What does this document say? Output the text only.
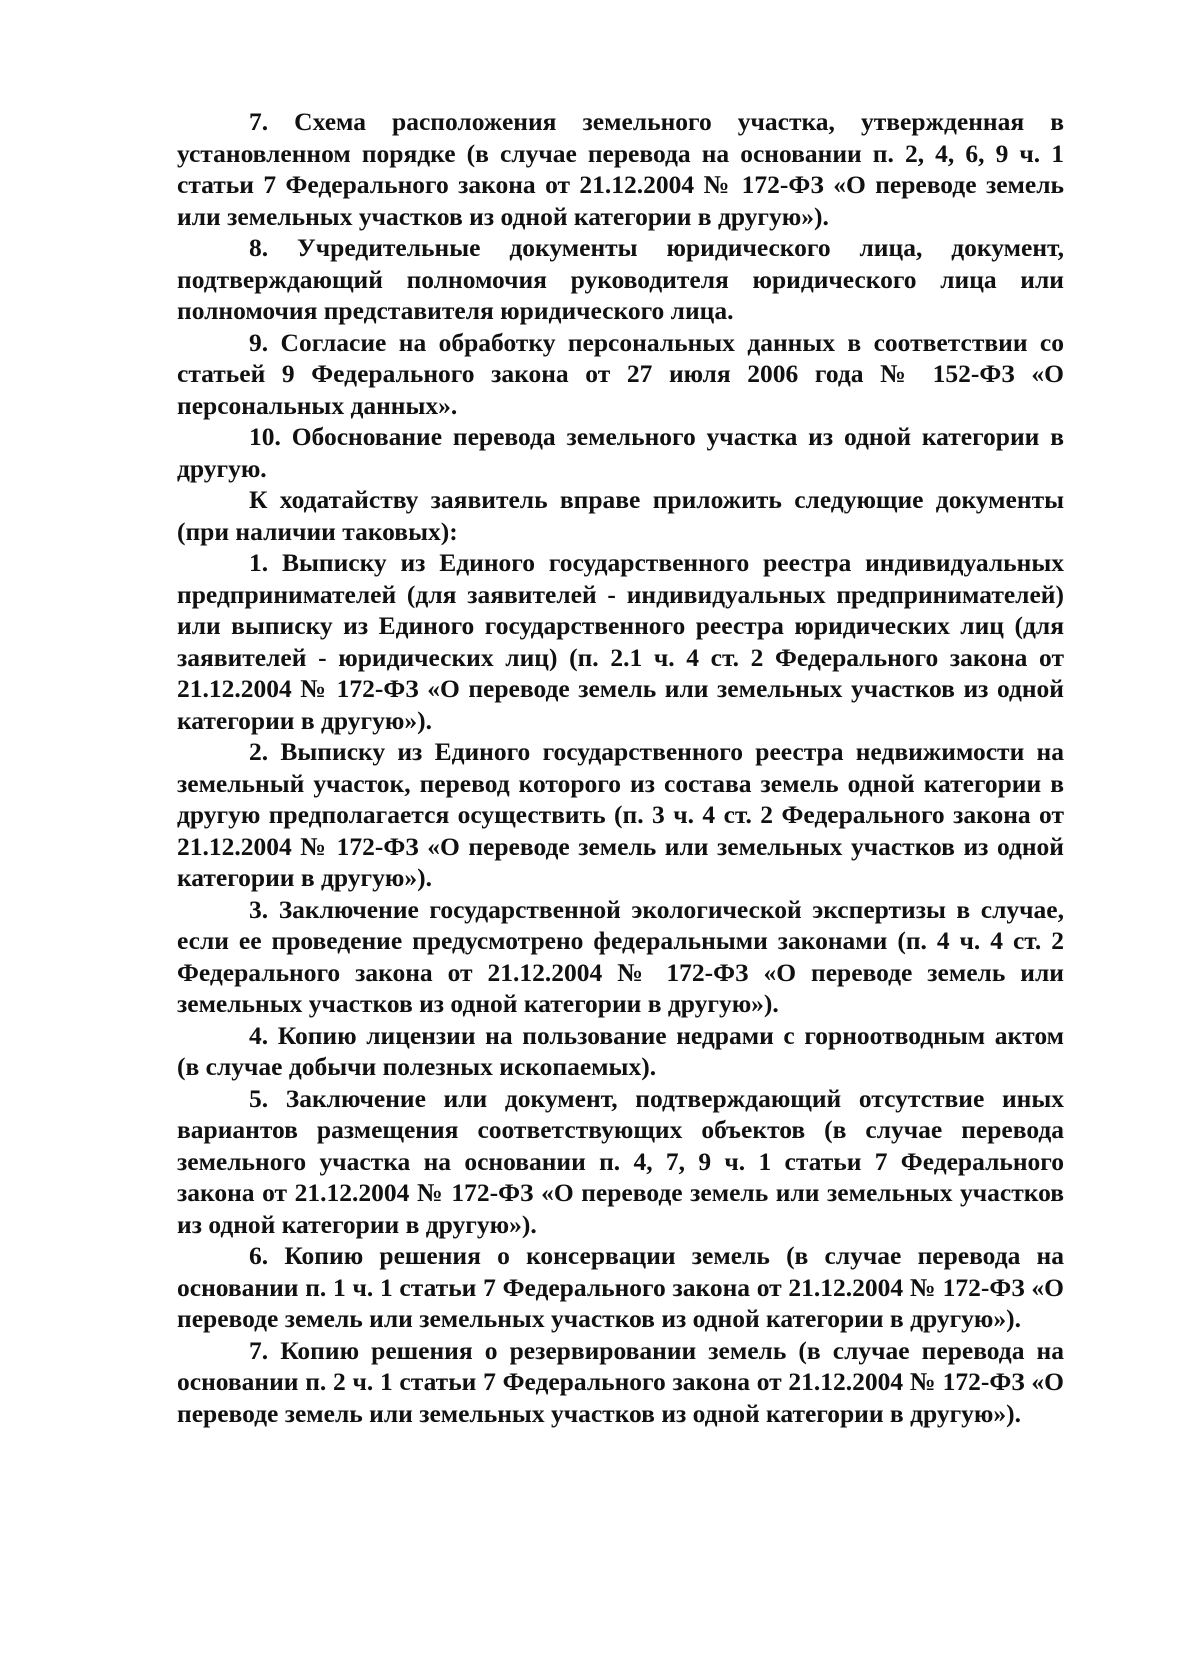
7. Схема расположения земельного участка, утвержденная в установленном порядке (в случае перевода на основании п. 2, 4, 6, 9 ч. 1 статьи 7 Федерального закона от 21.12.2004 № 172-ФЗ «О переводе земель или земельных участков из одной категории в другую»).

8. Учредительные документы юридического лица, документ, подтверждающий полномочия руководителя юридического лица или полномочия представителя юридического лица.

9. Согласие на обработку персональных данных в соответствии со статьей 9 Федерального закона от 27 июля 2006 года № 152-ФЗ «О персональных данных».

10. Обоснование перевода земельного участка из одной категории в другую.

К ходатайству заявитель вправе приложить следующие документы (при наличии таковых):

1. Выписку из Единого государственного реестра индивидуальных предпринимателей (для заявителей - индивидуальных предпринимателей) или выписку из Единого государственного реестра юридических лиц (для заявителей - юридических лиц) (п. 2.1 ч. 4 ст. 2 Федерального закона от 21.12.2004 № 172-ФЗ «О переводе земель или земельных участков из одной категории в другую»).

2. Выписку из Единого государственного реестра недвижимости на земельный участок, перевод которого из состава земель одной категории в другую предполагается осуществить (п. 3 ч. 4 ст. 2 Федерального закона от 21.12.2004 № 172-ФЗ «О переводе земель или земельных участков из одной категории в другую»).

3. Заключение государственной экологической экспертизы в случае, если ее проведение предусмотрено федеральными законами (п. 4 ч. 4 ст. 2 Федерального закона от 21.12.2004 № 172-ФЗ «О переводе земель или земельных участков из одной категории в другую»).

4. Копию лицензии на пользование недрами с горноотводным актом (в случае добычи полезных ископаемых).

5. Заключение или документ, подтверждающий отсутствие иных вариантов размещения соответствующих объектов (в случае перевода земельного участка на основании п. 4, 7, 9 ч. 1 статьи 7 Федерального закона от 21.12.2004 № 172-ФЗ «О переводе земель или земельных участков из одной категории в другую»).

6. Копию решения о консервации земель (в случае перевода на основании п. 1 ч. 1 статьи 7 Федерального закона от 21.12.2004 № 172-ФЗ «О переводе земель или земельных участков из одной категории в другую»).

7. Копию решения о резервировании земель (в случае перевода на основании п. 2 ч. 1 статьи 7 Федерального закона от 21.12.2004 № 172-ФЗ «О переводе земель или земельных участков из одной категории в другую»).
